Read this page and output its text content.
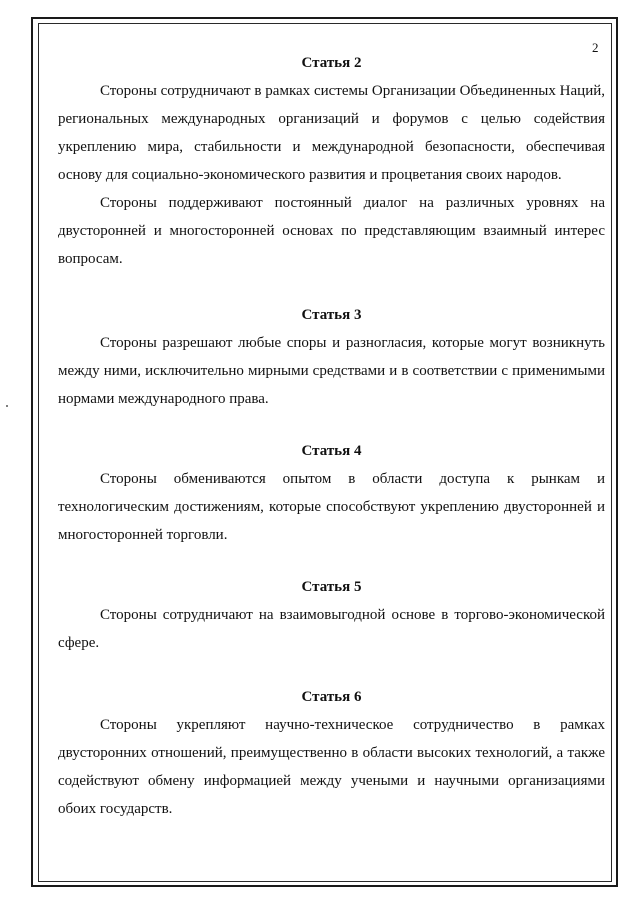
2
Статья 2

Стороны сотрудничают в рамках системы Организации Объединенных Наций, региональных международных организаций и форумов с целью содействия укреплению мира, стабильности и международной безопасности, обеспечивая основу для социально-экономического развития и процветания своих народов.

Стороны поддерживают постоянный диалог на различных уровнях на двусторонней и многосторонней основах по представляющим взаимный интерес вопросам.

Статья 3

Стороны разрешают любые споры и разногласия, которые могут возникнуть между ними, исключительно мирными средствами и в соответствии с применимыми нормами международного права.

Статья 4

Стороны обмениваются опытом в области доступа к рынкам и технологическим достижениям, которые способствуют укреплению двусторонней и многосторонней торговли.

Статья 5

Стороны сотрудничают на взаимовыгодной основе в торгово-экономической сфере.

Статья 6

Стороны укрепляют научно-техническое сотрудничество в рамках двусторонних отношений, преимущественно в области высоких технологий, а также содействуют обмену информацией между учеными и научными организациями обоих государств.
